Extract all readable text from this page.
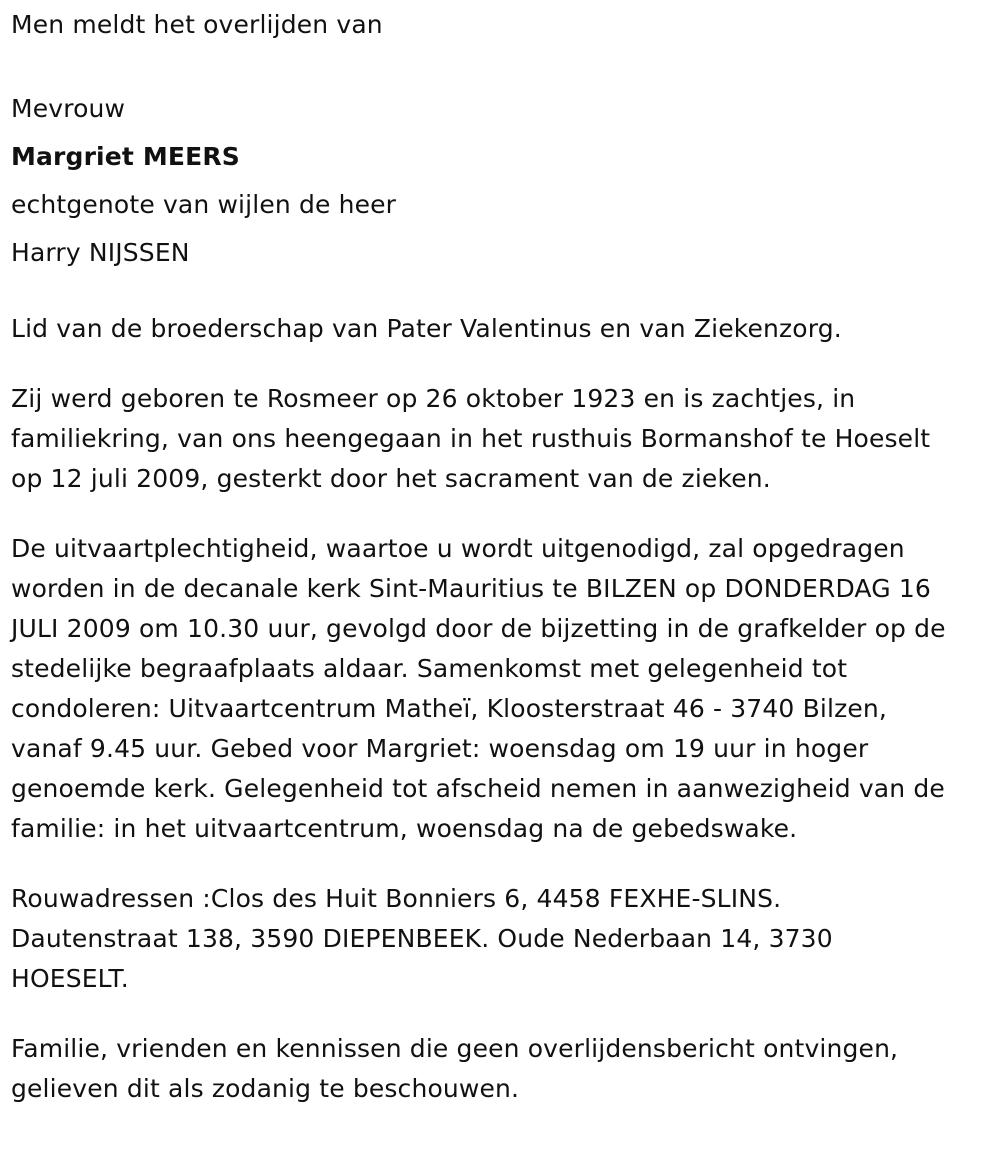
Men meldt het overlijden van
Mevrouw
Margriet MEERS
echtgenote van wijlen de heer
Harry NIJSSEN
Lid van de broederschap van Pater Valentinus en van Ziekenzorg.
Zij werd geboren te Rosmeer op 26 oktober 1923 en is zachtjes, in
familiekring, van ons heengegaan in het rusthuis Bormanshof te Hoeselt
op 12 juli 2009, gesterkt door het sacrament van de zieken.
De uitvaartplechtigheid, waartoe u wordt uitgenodigd, zal opgedragen
worden in de decanale kerk Sint-Mauritius te BILZEN op DONDERDAG 16
JULI 2009 om 10.30 uur, gevolgd door de bijzetting in de grafkelder op de
stedelijke begraafplaats aldaar. Samenkomst met gelegenheid tot
condoleren: Uitvaartcentrum Matheï, Kloosterstraat 46 - 3740 Bilzen,
vanaf 9.45 uur. Gebed voor Margriet: woensdag om 19 uur in hoger
genoemde kerk. Gelegenheid tot afscheid nemen in aanwezigheid van de
familie: in het uitvaartcentrum, woensdag na de gebedswake.
Rouwadressen :Clos des Huit Bonniers 6, 4458 FEXHE-SLINS.
Dautenstraat 138, 3590 DIEPENBEEK. Oude Nederbaan 14, 3730
HOESELT.
Familie, vrienden en kennissen die geen overlijdensbericht ontvingen,
gelieven dit als zodanig te beschouwen.
